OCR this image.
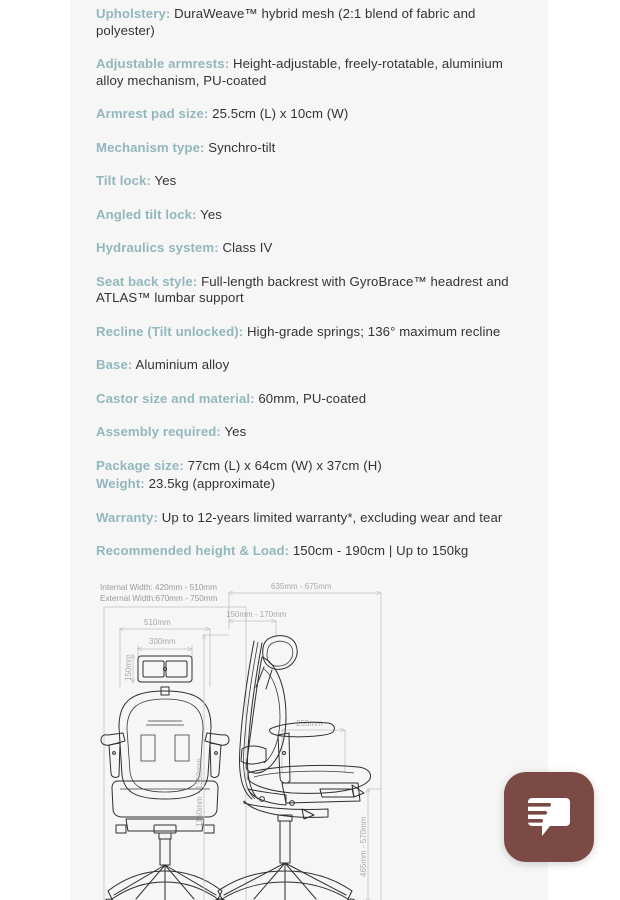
Upholstery: DuraWeave™ hybrid mesh (2:1 blend of fabric and polyester)

Adjustable armrests: Height-adjustable, freely-rotatable, aluminium alloy mechanism, PU-coated

Armrest pad size: 25.5cm (L) x 10cm (W)

Mechanism type: Synchro-tilt

Tilt lock: Yes

Angled tilt lock: Yes

Hydraulics system: Class IV

Seat back style: Full-length backrest with GyroBrace™ headrest and ATLAS™ lumbar support

Recline (Tilt unlocked): High-grade springs; 136° maximum recline

Base: Aluminium alloy

Castor size and material: 60mm, PU-coated

Assembly required: Yes

Package size: 77cm (L) x 64cm (W) x 37cm (H)

Weight: 23.5kg (approximate)

Warranty: Up to 12-years limited warranty*, excluding wear and tear

Recommended height & Load: 150cm - 190cm | Up to 150kg

Internal Width: 420mm - 510mm
External Width:670mm - 750mm
510mm
300mm
150mm
635mm - 675mm
150mm - 170mm
1150mm - 1350mm
255mm
465mm - 570mm
